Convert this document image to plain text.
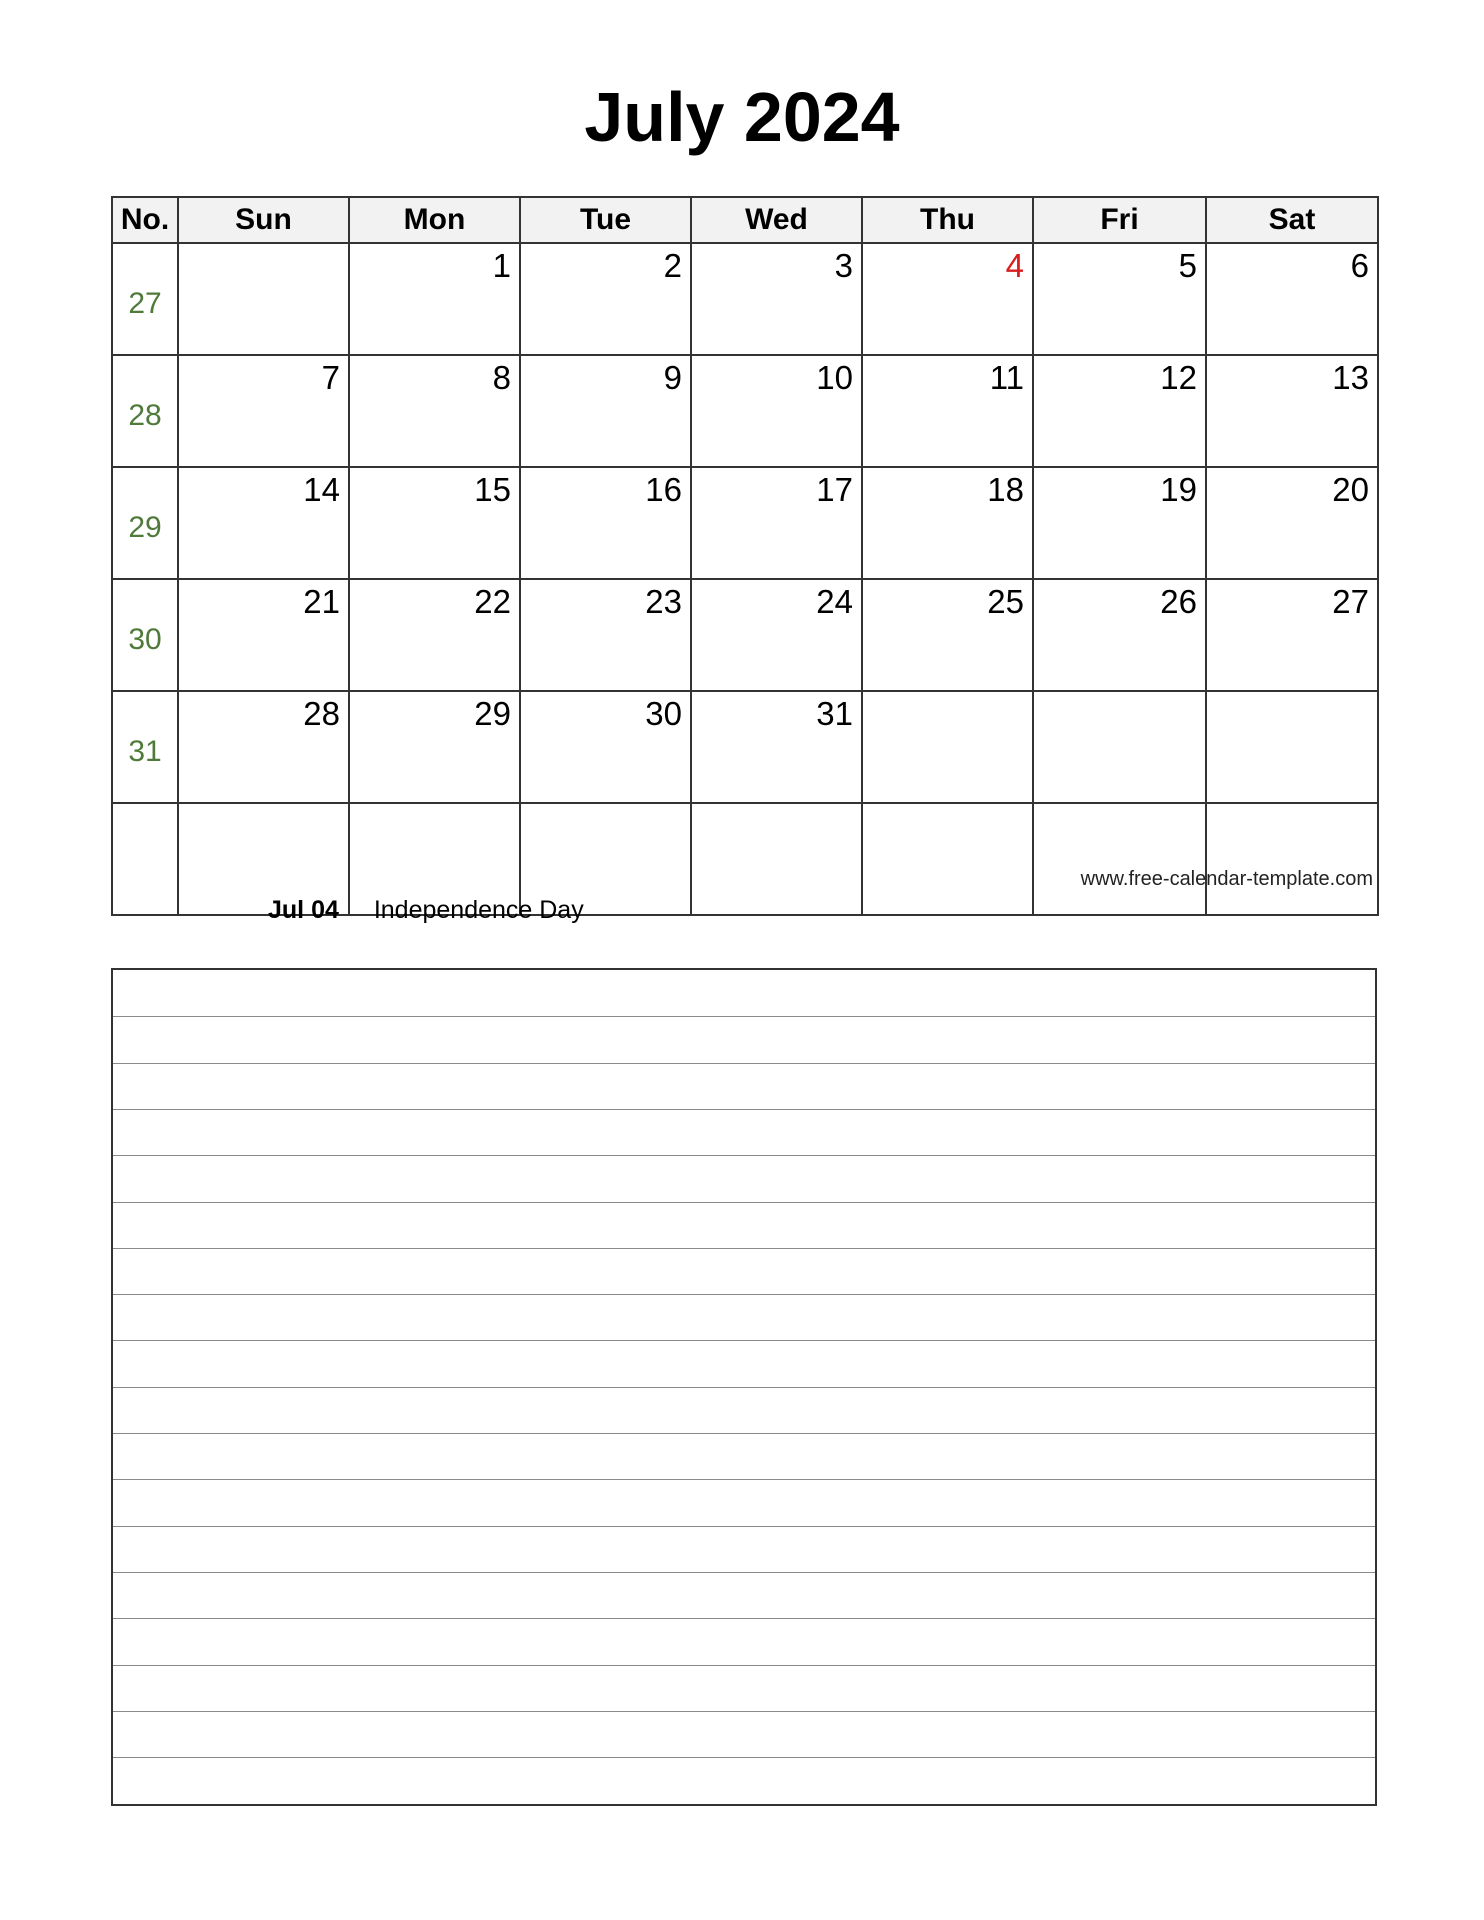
July 2024
No.	Sun	Mon	Tue	Wed	Thu	Fri	Sat
27		1	2	3	4	5	6
28	7	8	9	10	11	12	13
29	14	15	16	17	18	19	20
30	21	22	23	24	25	26	27
31	28	29	30	31			

www.free-calendar-template.com
Jul 04 Independence Day
